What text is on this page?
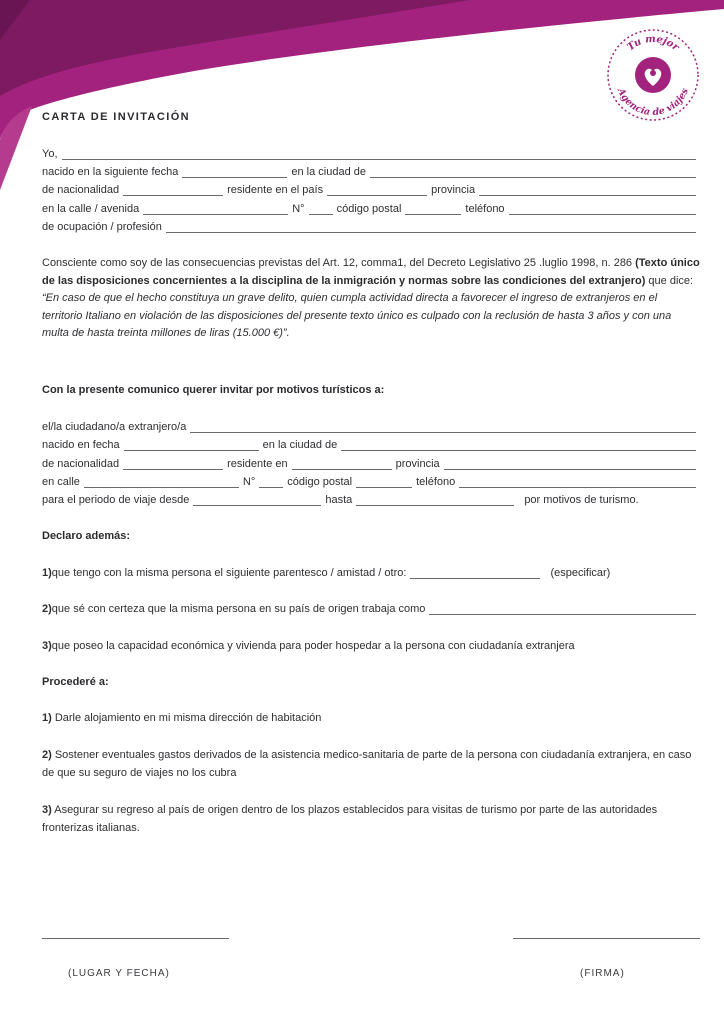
Tu mejor
Agencia de viajes
CARTA DE INVITACIÓN
Yo,
nacido en la siguiente fecha	en la ciudad de
de nacionalidad	residente en el país	provincia
en la calle / avenida	N°	código postal	teléfono
de ocupación / profesión
Consciente como soy de las consecuencias previstas del Art. 12, comma1, del Decreto Legislativo 25 .luglio 1998, n. 286 (Texto único de las disposiciones concernientes a la disciplina de la inmigración y normas sobre las condiciones del extranjero) que dice:
“En caso de que el hecho constituya un grave delito, quien cumpla actividad directa a favorecer el ingreso de extranjeros en el territorio Italiano en violación de las disposiciones del presente texto único es culpado con la reclusión de hasta 3 años y con una multa de hasta treinta millones de liras (15.000 €)”.
Con la presente comunico querer invitar por motivos turísticos a:
el/la ciudadano/a extranjero/a
nacido en fecha	en la ciudad de
de nacionalidad	residente en	provincia
en calle	N°	código postal	teléfono
para el periodo de viaje desde	hasta	por motivos de turismo.
Declaro además:
1) que tengo con la misma persona el siguiente parentesco / amistad / otro:	(especificar)
2) que sé con certeza que la misma persona en su país de origen trabaja como
3) que poseo la capacidad económica y vivienda para poder hospedar a la persona con ciudadanía extranjera
Procederé a:
1) Darle alojamiento en mi misma dirección de habitación
2) Sostener eventuales gastos derivados de la asistencia medico-sanitaria de parte de la persona con ciudadanía extranjera, en caso de que su seguro de viajes no los cubra
3) Asegurar su regreso al país de origen dentro de los plazos establecidos para visitas de turismo por parte de las autoridades fronterizas italianas.
(LUGAR Y FECHA)	(FIRMA)
